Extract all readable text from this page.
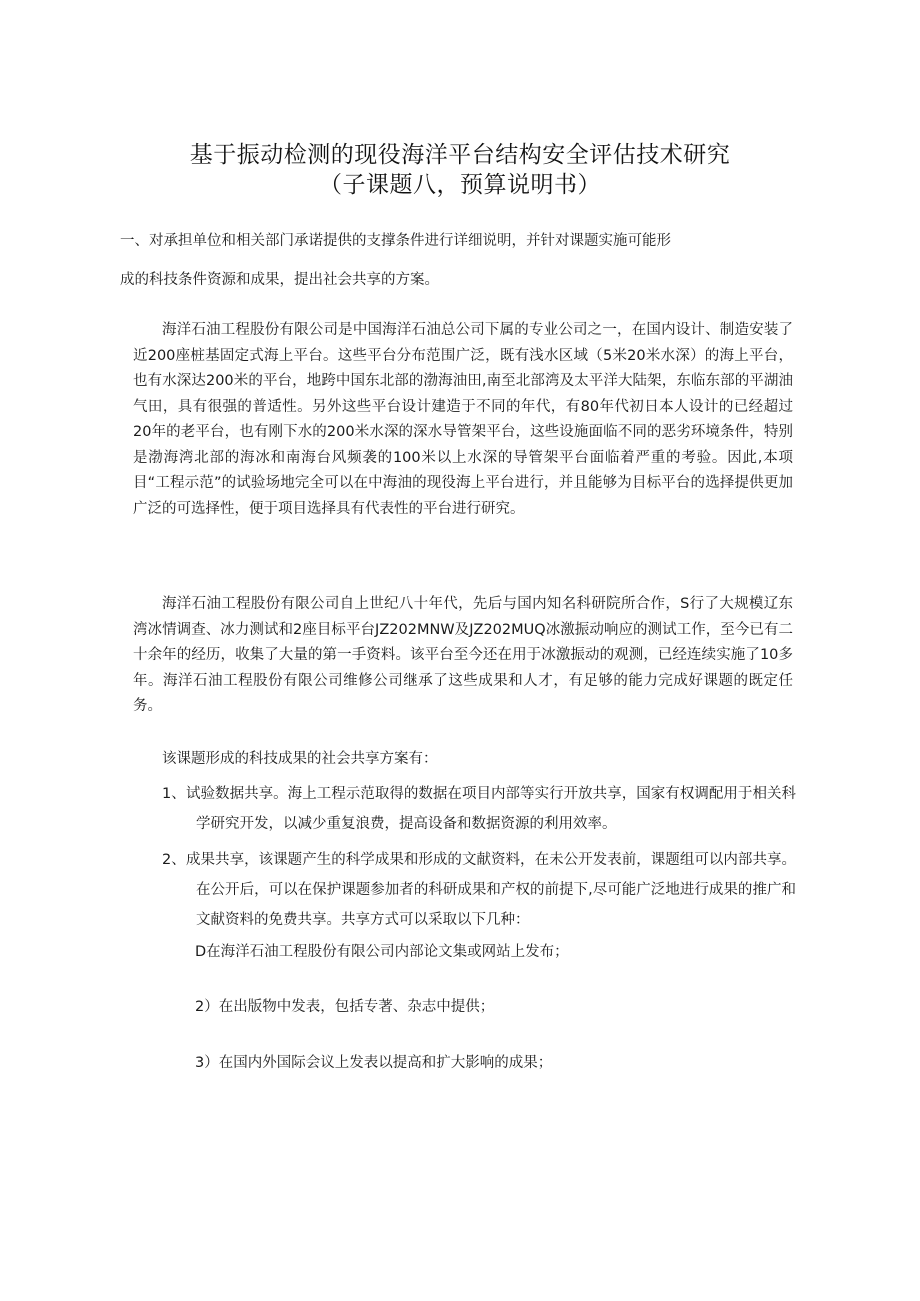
基于振动检测的现役海洋平台结构安全评估技术研究
（子课题八，预算说明书）
一、对承担单位和相关部门承诺提供的支撑条件进行详细说明，并针对课题实施可能形
成的科技条件资源和成果，提出社会共享的方案。

海洋石油工程股份有限公司是中国海洋石油总公司下属的专业公司之一，在国内设计、制造安装了近200座桩基固定式海上平台。这些平台分布范围广泛，既有浅水区域（5米20米水深）的海上平台，也有水深达200米的平台，地跨中国东北部的渤海油田,南至北部湾及太平洋大陆架，东临东部的平湖油气田，具有很强的普适性。另外这些平台设计建造于不同的年代，有80年代初日本人设计的已经超过20年的老平台，也有刚下水的200米水深的深水导管架平台，这些设施面临不同的恶劣环境条件，特别是渤海湾北部的海冰和南海台风频袭的100米以上水深的导管架平台面临着严重的考验。因此,本项目“工程示范”的试验场地完全可以在中海油的现役海上平台进行，并且能够为目标平台的选择提供更加广泛的可选择性，便于项目选择具有代表性的平台进行研究。

海洋石油工程股份有限公司自上世纪八十年代，先后与国内知名科研院所合作，S行了大规模辽东湾冰情调查、冰力测试和2座目标平台JZ202MNW及JZ202MUQ冰激振动响应的测试工作，至今已有二十余年的经历，收集了大量的第一手资料。该平台至今还在用于冰激振动的观测，已经连续实施了10多年。海洋石油工程股份有限公司维修公司继承了这些成果和人才，有足够的能力完成好课题的既定任务。

该课题形成的科技成果的社会共享方案有：
1、 试验数据共享。海上工程示范取得的数据在项目内部等实行开放共享，国家有权调配用于相关科学研究开发，以减少重复浪费，提高设备和数据资源的利用效率。
2、 成果共享，该课题产生的科学成果和形成的文献资料，在未公开发表前，课题组可以内部共享。在公开后，可以在保护课题参加者的科研成果和产权的前提下,尽可能广泛地进行成果的推广和文献资料的免费共享。共享方式可以采取以下几种：
D在海洋石油工程股份有限公司内部论文集或网站上发布；
2）在出版物中发表，包括专著、杂志中提供；
3）在国内外国际会议上发表以提高和扩大影响的成果；
